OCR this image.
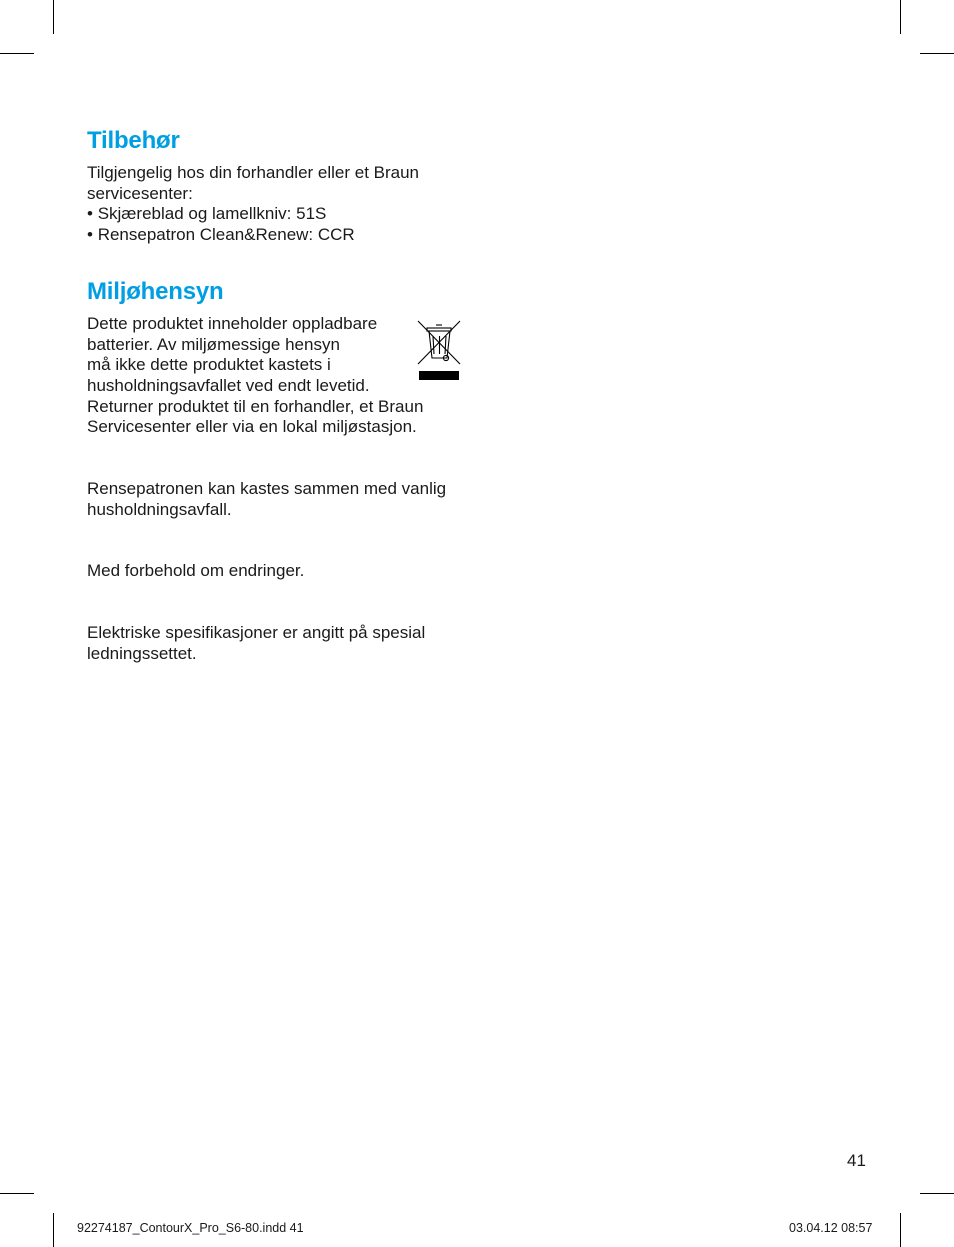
Tilbehør

Tilgjengelig hos din forhandler eller et Braun servicesenter:

• Skjæreblad og lamellkniv: 51S
• Rensepatron Clean&Renew: CCR
Miljøhensyn

Dette produktet inneholder oppladbare

batterier. Av miljømessige hensyn

må ikke dette produktet kastets i

husholdningsavfallet ved endt levetid.

Returner produktet til en forhandler, et Braun Servicesenter eller via en lokal miljøstasjon.

Rensepatronen kan kastes sammen med vanlig husholdningsavfall.

Med forbehold om endringer.

Elektriske spesifikasjoner er angitt på spesial ledningssettet.

41
92274187_ContourX_Pro_S6-80.indd 41	03.04.12 08:57
